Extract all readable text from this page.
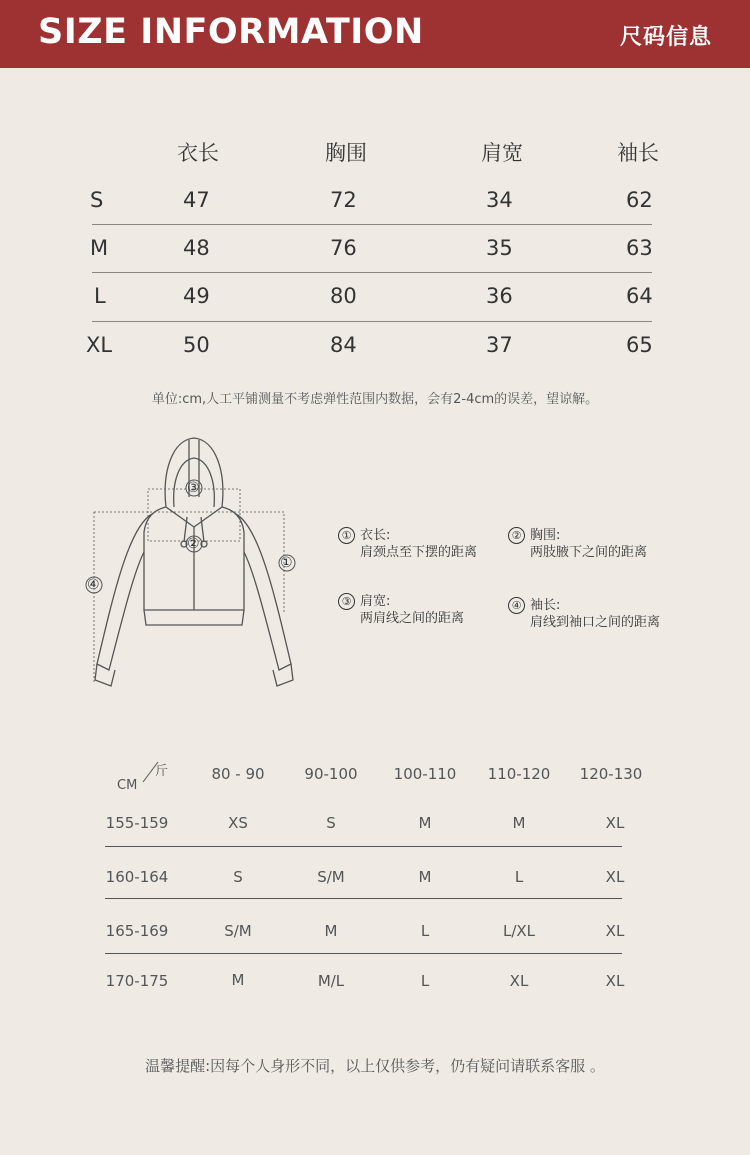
SIZE INFORMATION	尺码信息
衣长	胸围	肩宽	袖长
S	47	72	34	62
M	48	76	35	63
L	49	80	36	64
XL	50	84	37	65
单位:cm,人工平铺测量不考虑弹性范围内数据，会有2-4cm的误差，望谅解。
③
②
①
④
① 衣长:
肩颈点至下摆的距离
② 胸围:
两肢腋下之间的距离
③ 肩宽:
两肩线之间的距离
④ 袖长:
肩线到袖口之间的距离
斤
CM
80 - 90	90-100	100-110	110-120	120-130
155-159	XS	S	M	M	XL
160-164	S	S/M	M	L	XL
165-169	S/M	M	L	L/XL	XL
170-175	M	M/L	L	XL	XL
温馨提醒:因每个人身形不同，以上仅供参考，仍有疑问请联系客服 。
